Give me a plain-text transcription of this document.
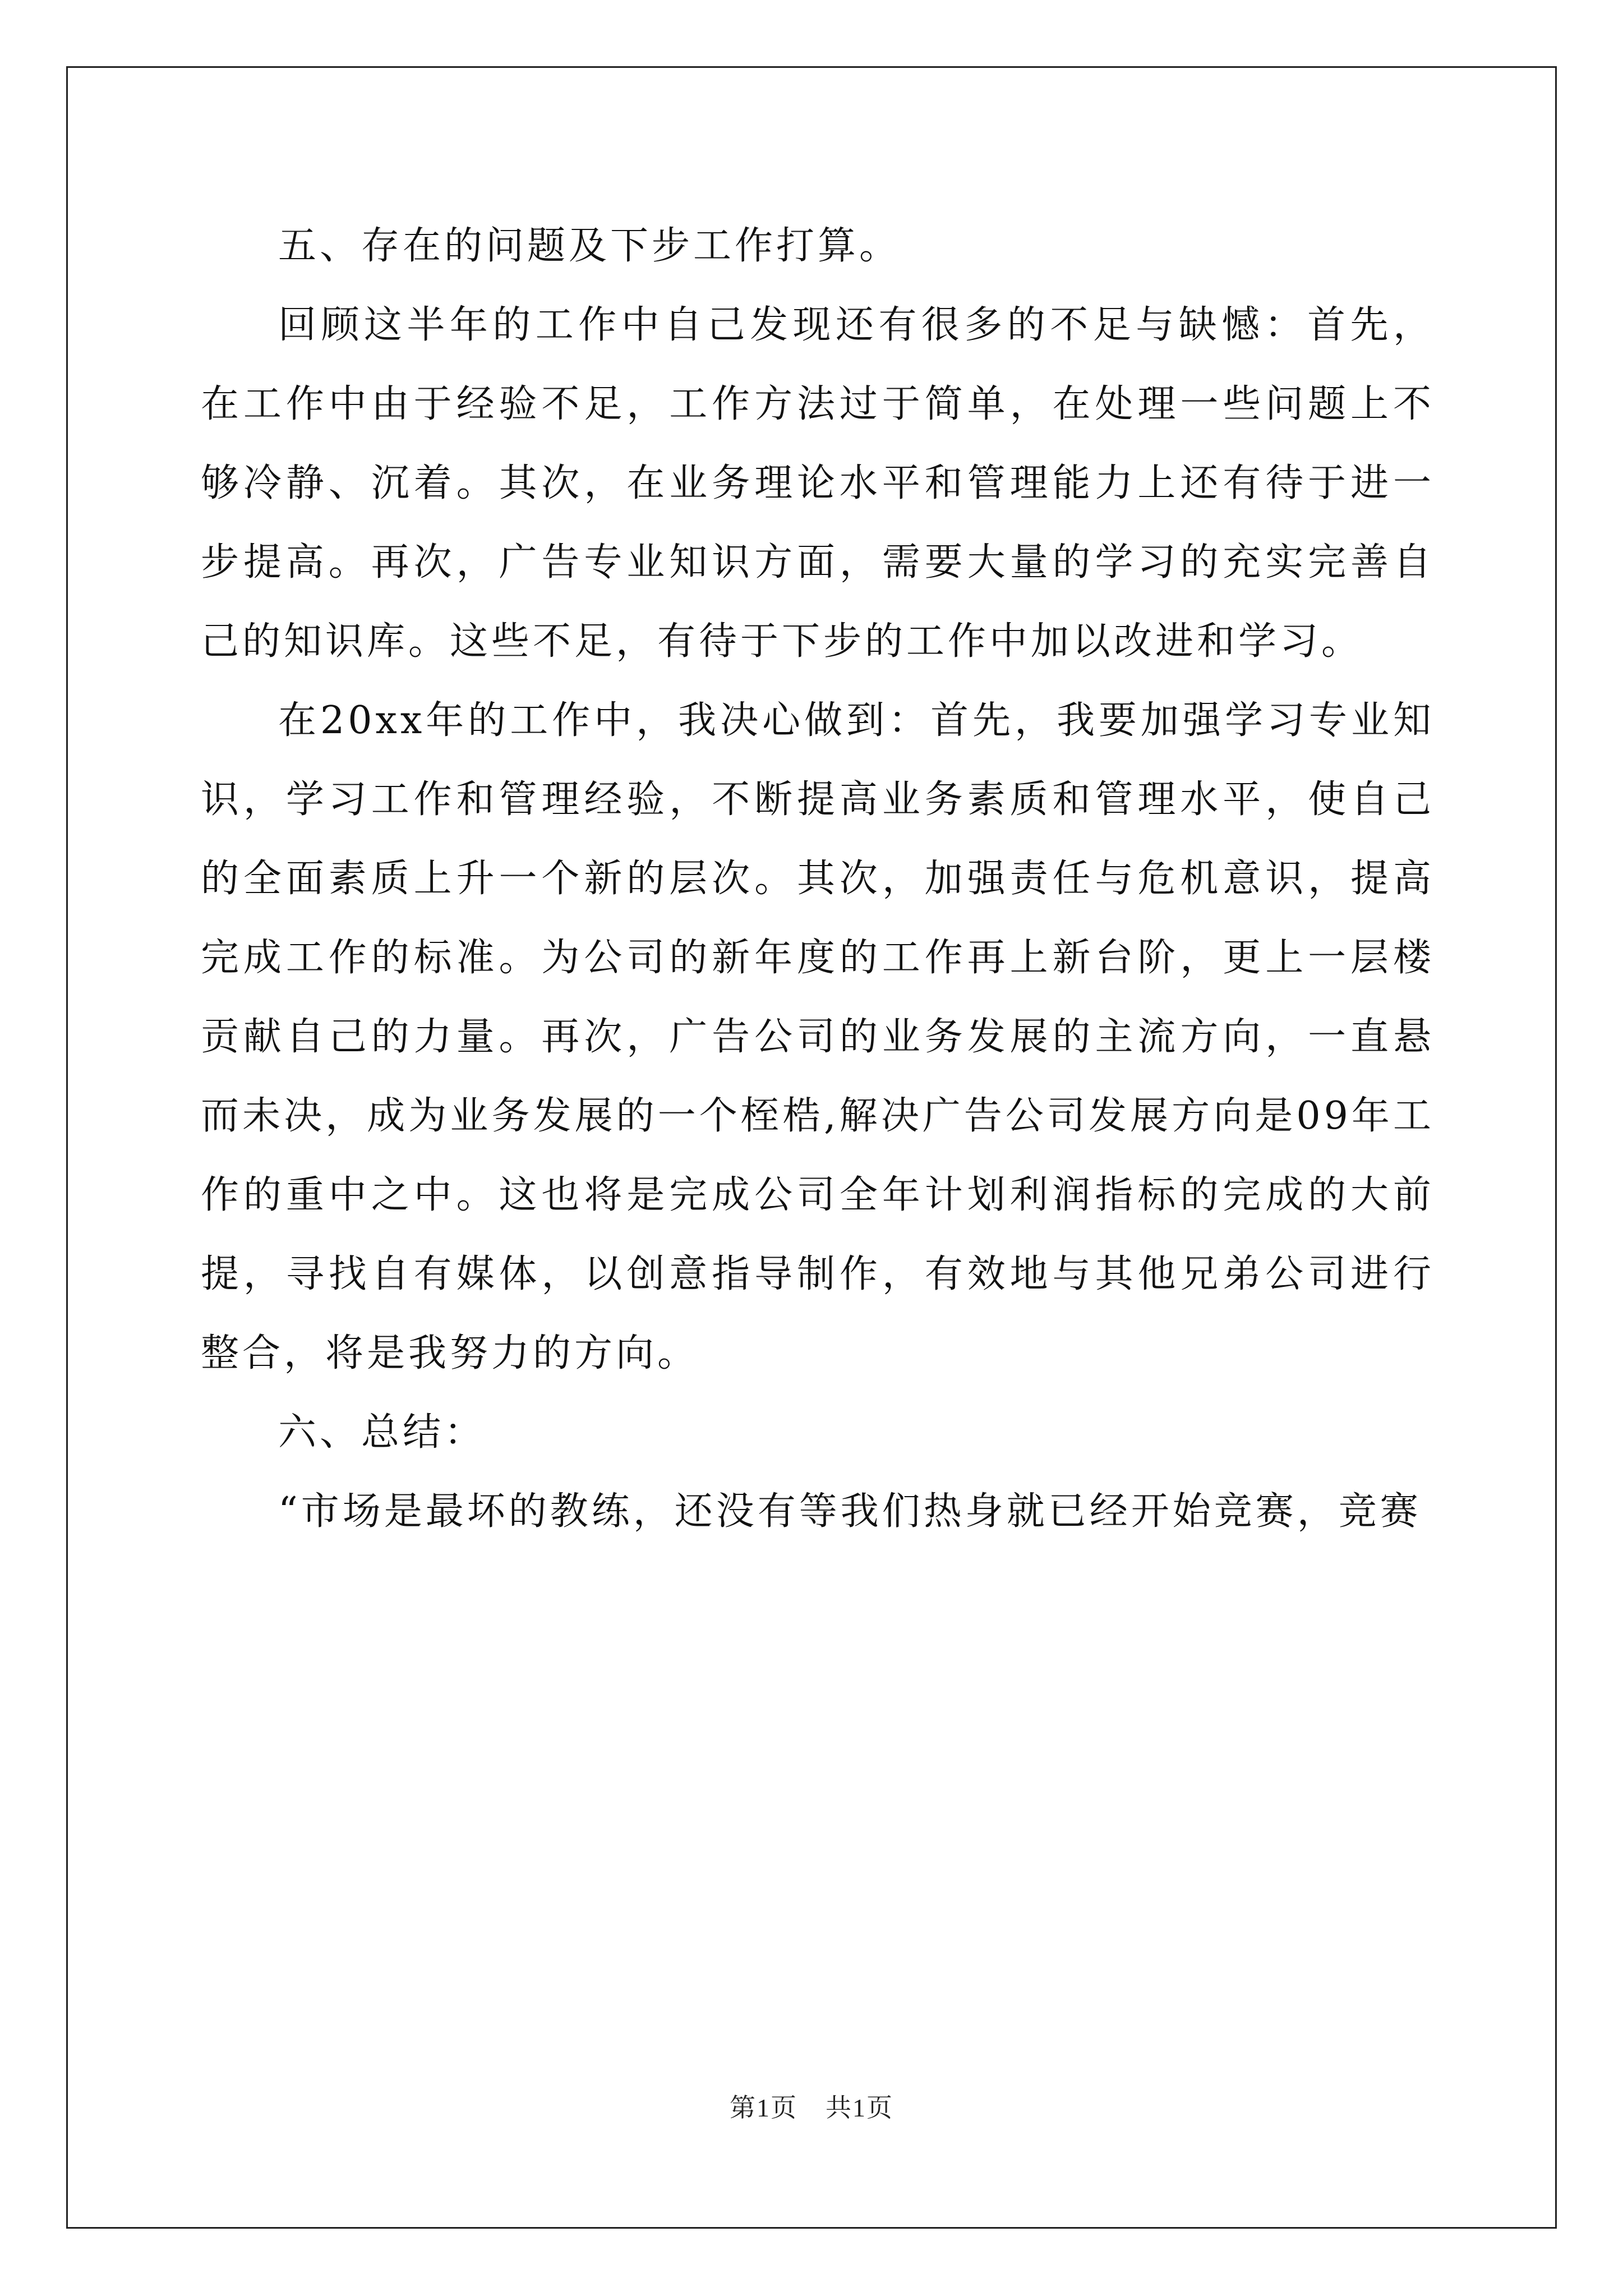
五、存在的问题及下步工作打算。

回顾这半年的工作中自己发现还有很多的不足与缺憾：首先，在工作中由于经验不足，工作方法过于简单，在处理一些问题上不够冷静、沉着。其次，在业务理论水平和管理能力上还有待于进一步提高。再次，广告专业知识方面，需要大量的学习的充实完善自己的知识库。这些不足，有待于下步的工作中加以改进和学习。

在20xx年的工作中，我决心做到：首先，我要加强学习专业知识，学习工作和管理经验，不断提高业务素质和管理水平，使自己的全面素质上升一个新的层次。其次，加强责任与危机意识，提高完成工作的标准。为公司的新年度的工作再上新台阶，更上一层楼贡献自己的力量。再次，广告公司的业务发展的主流方向，一直悬而未决，成为业务发展的一个桎梏,解决广告公司发展方向是09年工作的重中之中。这也将是完成公司全年计划利润指标的完成的大前提，寻找自有媒体，以创意指导制作，有效地与其他兄弟公司进行整合，将是我努力的方向。

六、总结：

“市场是最坏的教练，还没有等我们热身就已经开始竞赛，竞赛

第1页 共1页
